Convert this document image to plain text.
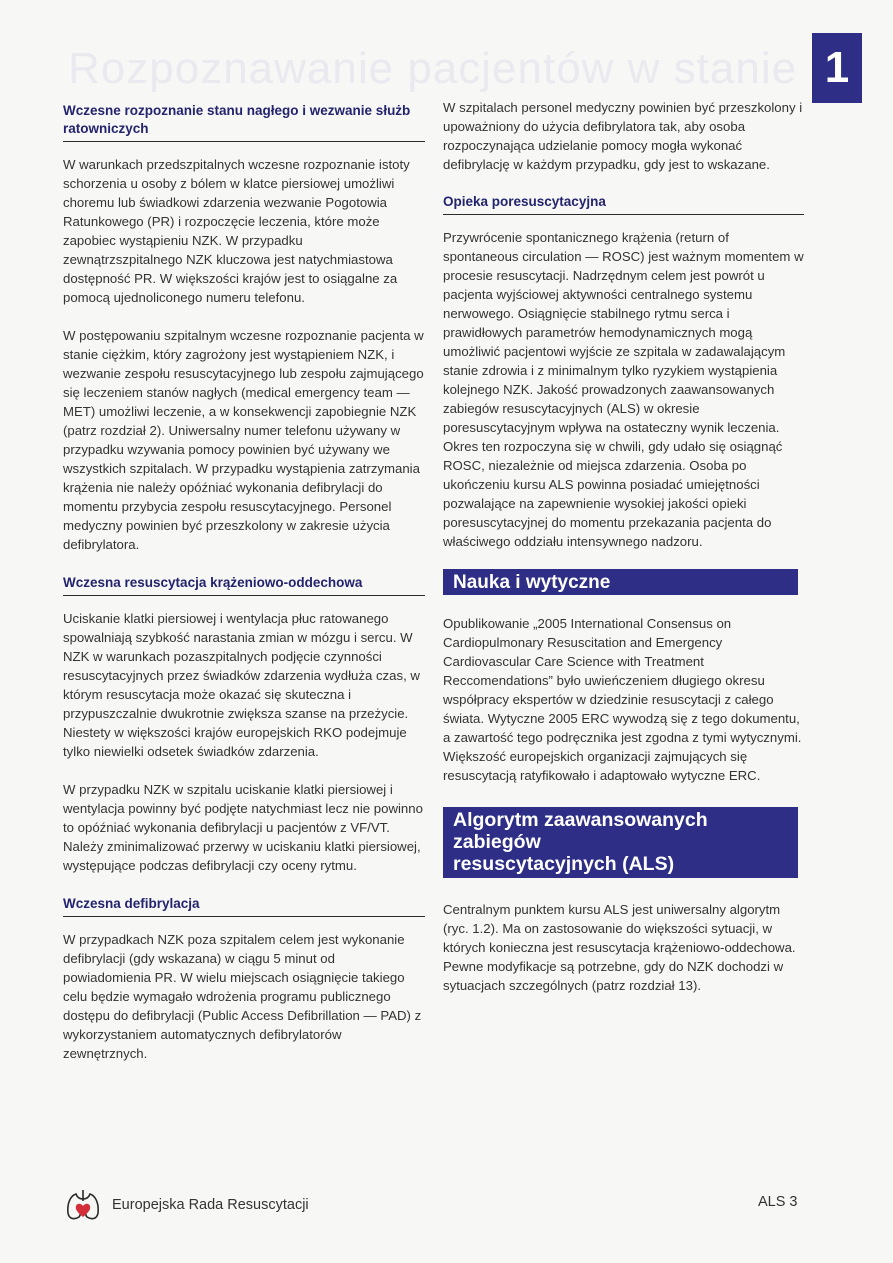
Rozpoznawanie pacjentów w stanie 1
Wczesne rozpoznanie stanu nagłego i wezwanie służb ratowniczych

W warunkach przedszpitalnych wczesne rozpoznanie istoty schorzenia u osoby z bólem w klatce piersiowej umożliwi choremu lub świadkowi zdarzenia wezwanie Pogotowia Ratunkowego (PR) i rozpoczęcie leczenia, które może zapobiec wystąpieniu NZK. W przypadku zewnątrzszpitalnego NZK kluczowa jest natychmiastowa dostępność PR. W większości krajów jest to osiągalne za pomocą ujednoliconego numeru telefonu.

W postępowaniu szpitalnym wczesne rozpoznanie pacjenta w stanie ciężkim, który zagrożony jest wystąpieniem NZK, i wezwanie zespołu resuscytacyjnego lub zespołu zajmującego się leczeniem stanów nagłych (medical emergency team — MET) umożliwi leczenie, a w konsekwencji zapobiegnie NZK (patrz rozdział 2). Uniwersalny numer telefonu używany w przypadku wzywania pomocy powinien być używany we wszystkich szpitalach. W przypadku wystąpienia zatrzymania krążenia nie należy opóźniać wykonania defibrylacji do momentu przybycia zespołu resuscytacyjnego. Personel medyczny powinien być przeszkolony w zakresie użycia defibrylatora.

Wczesna resuscytacja krążeniowo-oddechowa

Uciskanie klatki piersiowej i wentylacja płuc ratowanego spowalniają szybkość narastania zmian w mózgu i sercu. W NZK w warunkach pozaszpitalnych podjęcie czynności resuscytacyjnych przez świadków zdarzenia wydłuża czas, w którym resuscytacja może okazać się skuteczna i przypuszczalnie dwukrotnie zwiększa szanse na przeżycie. Niestety w większości krajów europejskich RKO podejmuje tylko niewielki odsetek świadków zdarzenia.

W przypadku NZK w szpitalu uciskanie klatki piersiowej i wentylacja powinny być podjęte natychmiast lecz nie powinno to opóźniać wykonania defibrylacji u pacjentów z VF/VT. Należy zminimalizować przerwy w uciskaniu klatki piersiowej, występujące podczas defibrylacji czy oceny rytmu.

Wczesna defibrylacja

W przypadkach NZK poza szpitalem celem jest wykonanie defibrylacji (gdy wskazana) w ciągu 5 minut od powiadomienia PR. W wielu miejscach osiągnięcie takiego celu będzie wymagało wdrożenia programu publicznego dostępu do defibrylacji (Public Access Defibrillation — PAD) z wykorzystaniem automatycznych defibrylatorów zewnętrznych.

W szpitalach personel medyczny powinien być przeszkolony i upoważniony do użycia defibrylatora tak, aby osoba rozpoczynająca udzielanie pomocy mogła wykonać defibrylację w każdym przypadku, gdy jest to wskazane.

Opieka poresuscytacyjna

Przywrócenie spontanicznego krążenia (return of spontaneous circulation — ROSC) jest ważnym momentem w procesie resuscytacji. Nadrzędnym celem jest powrót u pacjenta wyjściowej aktywności centralnego systemu nerwowego. Osiągnięcie stabilnego rytmu serca i prawidłowych parametrów hemodynamicznych mogą umożliwić pacjentowi wyjście ze szpitala w zadawalającym stanie zdrowia i z minimalnym tylko ryzykiem wystąpienia kolejnego NZK. Jakość prowadzonych zaawansowanych zabiegów resuscytacyjnych (ALS) w okresie poresuscytacyjnym wpływa na ostateczny wynik leczenia. Okres ten rozpoczyna się w chwili, gdy udało się osiągnąć ROSC, niezależnie od miejsca zdarzenia. Osoba po ukończeniu kursu ALS powinna posiadać umiejętności pozwalające na zapewnienie wysokiej jakości opieki poresuscytacyjnej do momentu przekazania pacjenta do właściwego oddziału intensywnego nadzoru.

Nauka i wytyczne

Opublikowanie „2005 International Consensus on Cardiopulmonary Resuscitation and Emergency Cardiovascular Care Science with Treatment Reccomendations” było uwieńczeniem długiego okresu współpracy ekspertów w dziedzinie resuscytacji z całego świata. Wytyczne 2005 ERC wywodzą się z tego dokumentu, a zawartość tego podręcznika jest zgodna z tymi wytycznymi. Większość europejskich organizacji zajmujących się resuscytacją ratyfikowało i adaptowało wytyczne ERC.

Algorytm zaawansowanych zabiegów
resuscytacyjnych (ALS)

Centralnym punktem kursu ALS jest uniwersalny algorytm (ryc. 1.2). Ma on zastosowanie do większości sytuacji, w których konieczna jest resuscytacja krążeniowo-oddechowa. Pewne modyfikacje są potrzebne, gdy do NZK dochodzi w sytuacjach szczególnych (patrz rozdział 13).

Europejska Rada Resuscytacji	ALS 3
